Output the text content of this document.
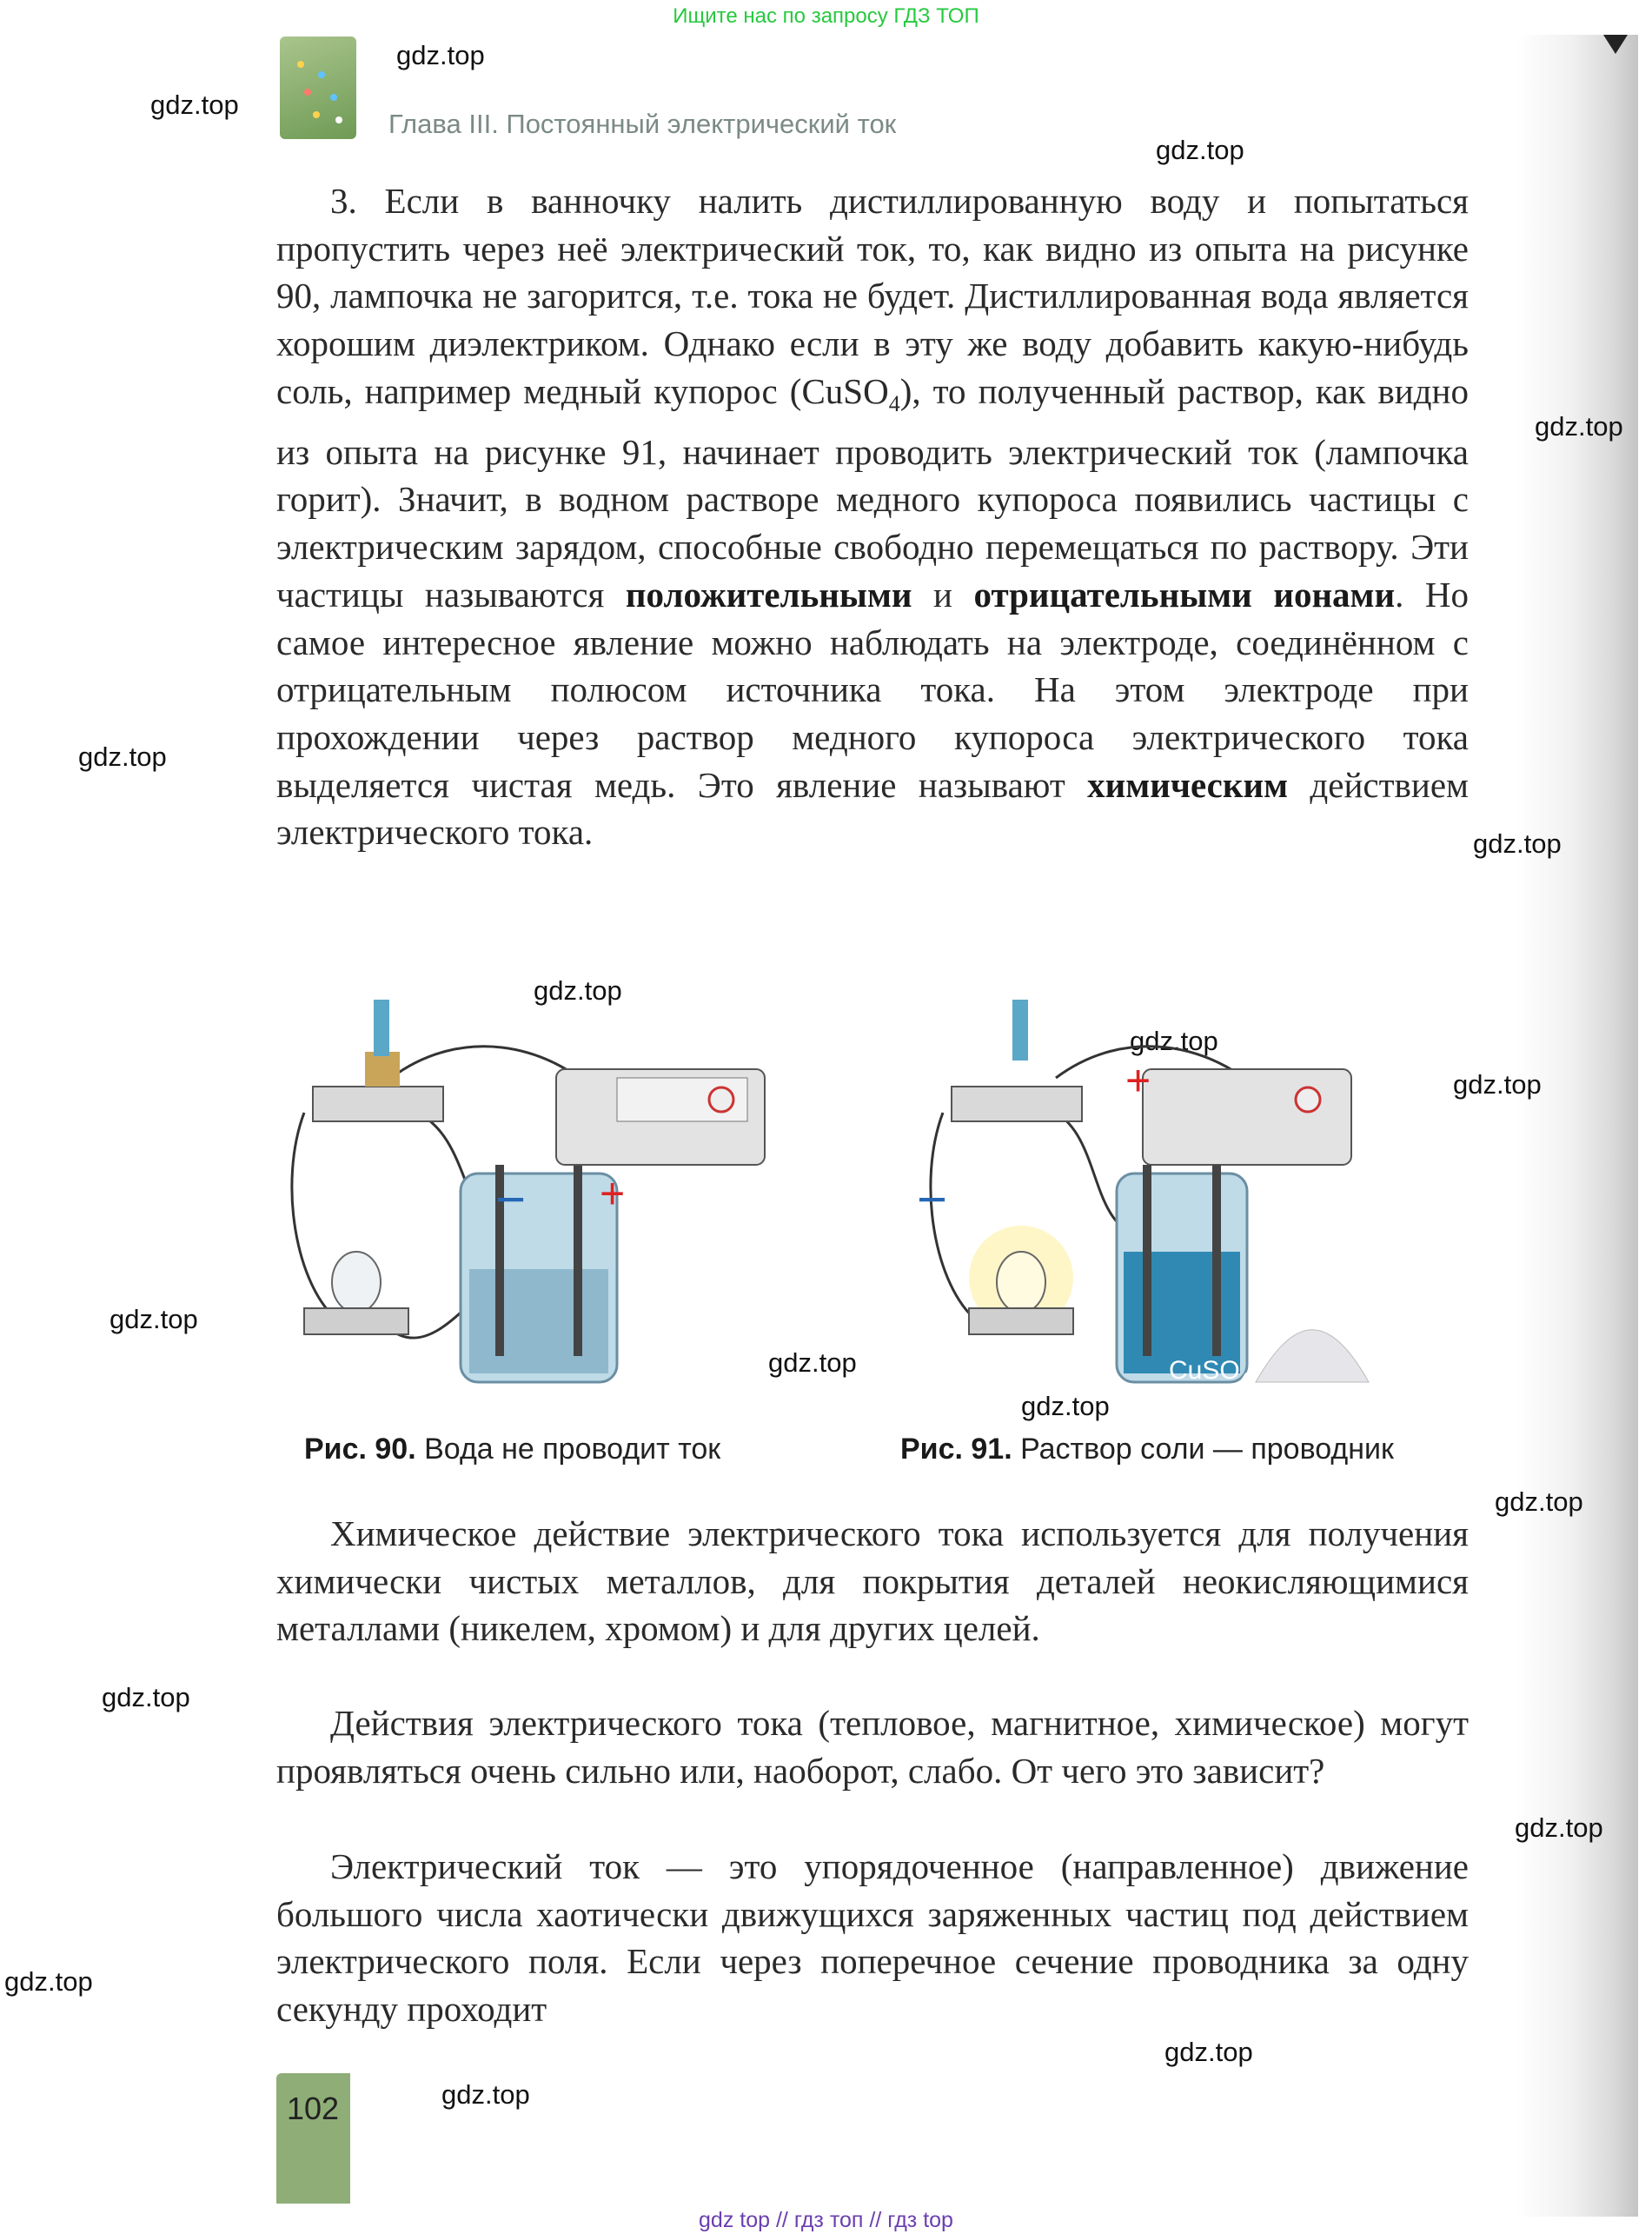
Ищите нас по запросу ГДЗ ТОП
Глава III. Постоянный электрический ток
gdz.top
gdz.top
gdz.top
gdz.top
gdz.top
gdz.top
gdz.top
gdz.top
gdz.top
gdz.top
gdz.top
gdz.top
gdz.top
gdz.top
gdz.top
gdz.top
gdz.top
gdz.top

3. Если в ванночку налить дистиллированную воду и попытаться пропустить через неё электрический ток, то, как видно из опыта на рисунке 90, лампочка не загорится, т.е. тока не будет. Дистиллированная вода является хорошим диэлектриком. Однако если в эту же воду добавить какую-нибудь соль, например медный купорос (CuSO$_4$), то полученный раствор, как видно из опыта на рисунке 91, начинает проводить электрический ток (лампочка горит). Значит, в водном растворе медного купороса появились частицы с электрическим зарядом, способные свободно перемещаться по раствору. Эти частицы называются положительными и отрицательными ионами. Но самое интересное явление можно наблюдать на электроде, соединённом с отрицательным полюсом источника тока. На этом электроде при прохождении через раствор медного купороса электрического тока выделяется чистая медь. Это явление называют химическим действием электрического тока.

− +	−
+
CuSO$_4$
Рис. 90. Вода не проводит ток	Рис. 91. Раствор соли — проводник

Химическое действие электрического тока используется для получения химически чистых металлов, для покрытия деталей неокисляющимися металлами (никелем, хромом) и для других целей.

Действия электрического тока (тепловое, магнитное, химическое) могут проявляться очень сильно или, наоборот, слабо. От чего это зависит?

Электрический ток — это упорядоченное (направленное) движение большого числа хаотически движущихся заряженных частиц под действием электрического поля. Если через поперечное сечение проводника за одну секунду проходит

102
gdz top // гдз топ // гдз top
